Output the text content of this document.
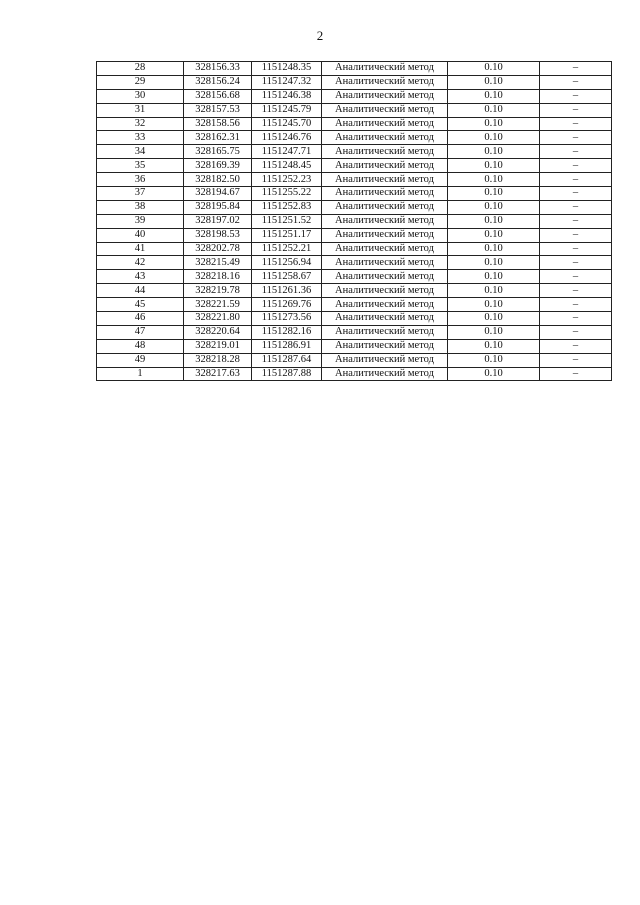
2
28	328156.33	1151248.35	Аналитический метод	0.10	–
29	328156.24	1151247.32	Аналитический метод	0.10	–
30	328156.68	1151246.38	Аналитический метод	0.10	–
31	328157.53	1151245.79	Аналитический метод	0.10	–
32	328158.56	1151245.70	Аналитический метод	0.10	–
33	328162.31	1151246.76	Аналитический метод	0.10	–
34	328165.75	1151247.71	Аналитический метод	0.10	–
35	328169.39	1151248.45	Аналитический метод	0.10	–
36	328182.50	1151252.23	Аналитический метод	0.10	–
37	328194.67	1151255.22	Аналитический метод	0.10	–
38	328195.84	1151252.83	Аналитический метод	0.10	–
39	328197.02	1151251.52	Аналитический метод	0.10	–
40	328198.53	1151251.17	Аналитический метод	0.10	–
41	328202.78	1151252.21	Аналитический метод	0.10	–
42	328215.49	1151256.94	Аналитический метод	0.10	–
43	328218.16	1151258.67	Аналитический метод	0.10	–
44	328219.78	1151261.36	Аналитический метод	0.10	–
45	328221.59	1151269.76	Аналитический метод	0.10	–
46	328221.80	1151273.56	Аналитический метод	0.10	–
47	328220.64	1151282.16	Аналитический метод	0.10	–
48	328219.01	1151286.91	Аналитический метод	0.10	–
49	328218.28	1151287.64	Аналитический метод	0.10	–
1	328217.63	1151287.88	Аналитический метод	0.10	–
